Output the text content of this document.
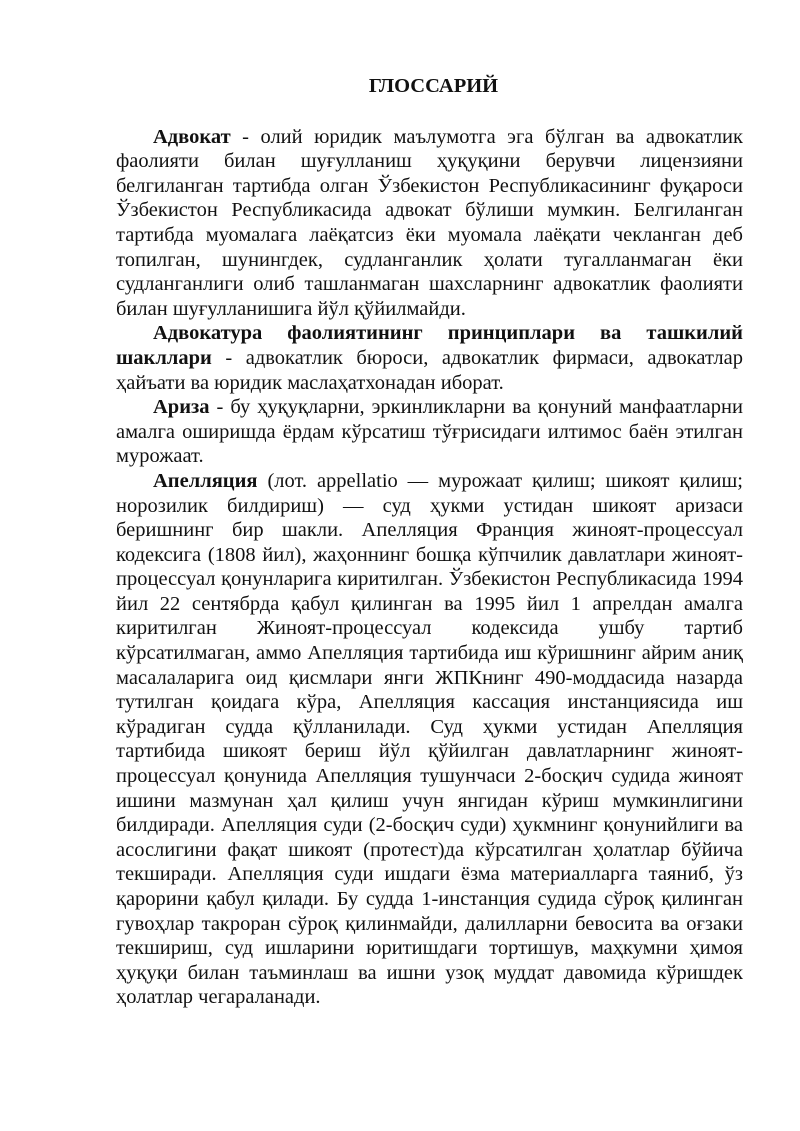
ГЛОССАРИЙ

Адвокат - олий юридик маълумотга эга бўлган ва адвокатлик фаолияти билан шуғулланиш ҳуқуқини берувчи лицензияни белгиланган тартибда олган Ўзбекистон Республикасининг фуқароси Ўзбекистон Республикасида адвокат бўлиши мумкин. Белгиланган тартибда муомалага лаёқатсиз ёки муомала лаёқати чекланган деб топилган, шунингдек, судланганлик ҳолати тугалланмаган ёки судланганлиги олиб ташланмаган шахсларнинг адвокатлик фаолияти билан шуғулланишига йўл қўйилмайди.

Адвокатура фаолиятининг принциплари ва ташкилий шакллари - адвокатлик бюроси, адвокатлик фирмаси, адвокатлар ҳайъати ва юридик маслаҳатхонадан иборат.

Ариза - бу ҳуқуқларни, эркинликларни ва қонуний манфаатларни амалга оширишда ёрдам кўрсатиш тўғрисидаги илтимос баён этилган мурожаат.

Апелляция (лот. appellatio — мурожаат қилиш; шикоят қилиш; норозилик билдириш) — суд ҳукми устидан шикоят аризаси беришнинг бир шакли. Апелляция Франция жиноят-процессуал кодексига (1808 йил), жаҳоннинг бошқа кўпчилик давлатлари жиноят-процессуал қонунларига киритилган. Ўзбекистон Республикасида 1994 йил 22 сентябрда қабул қилинган ва 1995 йил 1 апрелдан амалга киритилган Жиноят-процессуал кодексида ушбу тартиб кўрсатилмаган, аммо Апелляция тартибида иш кўришнинг айрим аниқ масалаларига оид қисмлари янги ЖПКнинг 490-моддасида назарда тутилган қоидага кўра, Апелляция кассация инстанциясида иш кўрадиган судда қўлланилади. Суд ҳукми устидан Апелляция тартибида шикоят бериш йўл қўйилган давлатларнинг жиноят-процессуал қонунида Апелляция тушунчаси 2-босқич судида жиноят ишини мазмунан ҳал қилиш учун янгидан кўриш мумкинлигини билдиради. Апелляция суди (2-босқич суди) ҳукмнинг қонунийлиги ва асослигини фақат шикоят (протест)да кўрсатилган ҳолатлар бўйича текширади. Апелляция суди ишдаги ёзма материалларга таяниб, ўз қарорини қабул қилади. Бу судда 1-инстанция судида сўроқ қилинган гувоҳлар такроран сўроқ қилинмайди, далилларни бевосита ва оғзаки текшириш, суд ишларини юритишдаги тортишув, маҳкумни ҳимоя ҳуқуқи билан таъминлаш ва ишни узоқ муддат давомида кўришдек ҳолатлар чегараланади.
